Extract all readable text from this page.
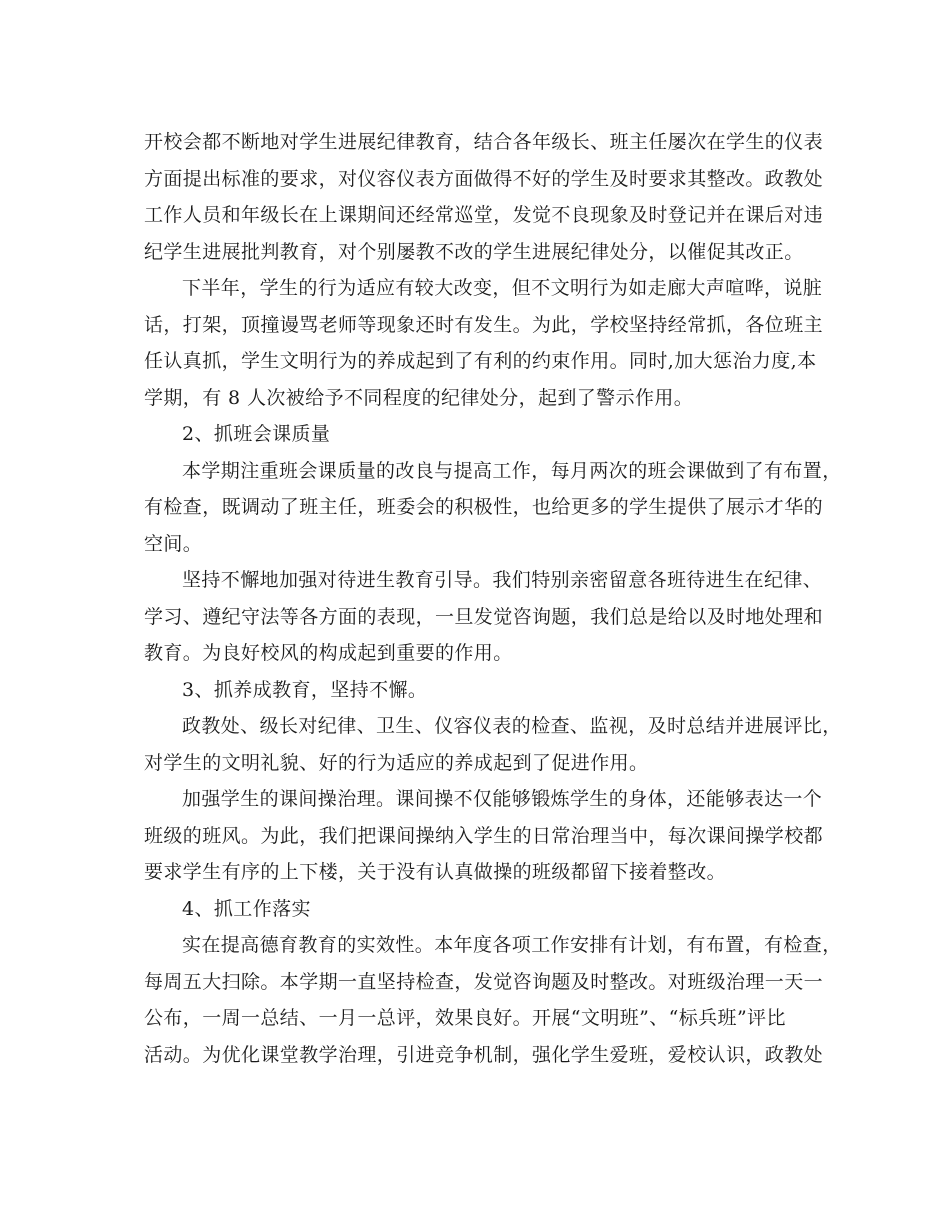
开校会都不断地对学生进展纪律教育，结合各年级长、班主任屡次在学生的仪表
方面提出标准的要求，对仪容仪表方面做得不好的学生及时要求其整改。政教处
工作人员和年级长在上课期间还经常巡堂，发觉不良现象及时登记并在课后对违
纪学生进展批判教育，对个别屡教不改的学生进展纪律处分，以催促其改正。
下半年，学生的行为适应有较大改变，但不文明行为如走廊大声喧哗，说脏
话，打架，顶撞谩骂老师等现象还时有发生。为此，学校坚持经常抓，各位班主
任认真抓，学生文明行为的养成起到了有利的约束作用。同时,加大惩治力度,本
学期，有 8 人次被给予不同程度的纪律处分，起到了警示作用。
2、抓班会课质量
本学期注重班会课质量的改良与提高工作，每月两次的班会课做到了有布置，
有检查，既调动了班主任，班委会的积极性，也给更多的学生提供了展示才华的
空间。
坚持不懈地加强对待进生教育引导。我们特别亲密留意各班待进生在纪律、
学习、遵纪守法等各方面的表现，一旦发觉咨询题，我们总是给以及时地处理和
教育。为良好校风的构成起到重要的作用。
3、抓养成教育，坚持不懈。
政教处、级长对纪律、卫生、仪容仪表的检查、监视，及时总结并进展评比，
对学生的文明礼貌、好的行为适应的养成起到了促进作用。
加强学生的课间操治理。课间操不仅能够锻炼学生的身体，还能够表达一个
班级的班风。为此，我们把课间操纳入学生的日常治理当中，每次课间操学校都
要求学生有序的上下楼，关于没有认真做操的班级都留下接着整改。
4、抓工作落实
实在提高德育教育的实效性。本年度各项工作安排有计划，有布置，有检查，
每周五大扫除。本学期一直坚持检查，发觉咨询题及时整改。对班级治理一天一
公布，一周一总结、一月一总评，效果良好。开展“文明班”、“标兵班”评比
活动。为优化课堂教学治理，引进竞争机制，强化学生爱班，爱校认识，政教处
